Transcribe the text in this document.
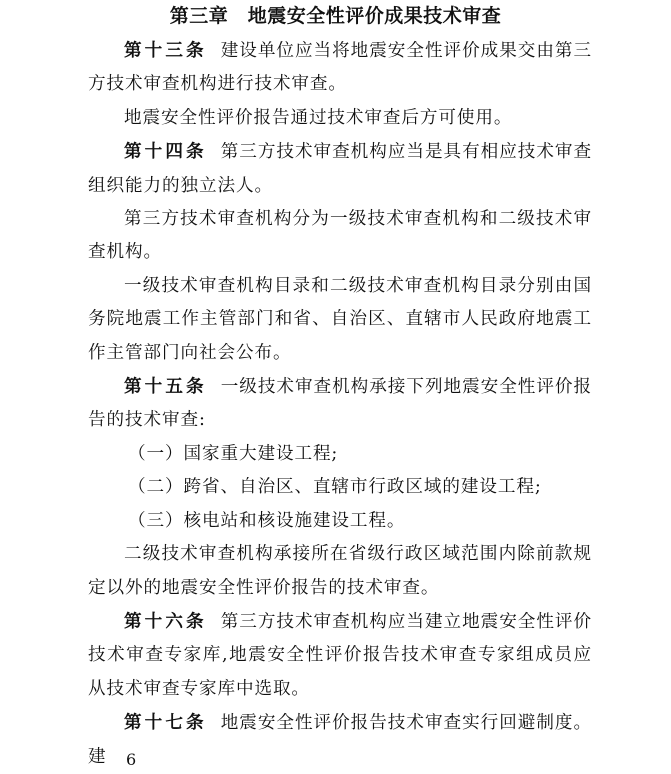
第三章　地震安全性评价成果技术审查

第十三条 建设单位应当将地震安全性评价成果交由第三方技术审查机构进行技术审查。

地震安全性评价报告通过技术审查后方可使用。

第十四条 第三方技术审查机构应当是具有相应技术审查组织能力的独立法人。

第三方技术审查机构分为一级技术审查机构和二级技术审查机构。

一级技术审查机构目录和二级技术审查机构目录分别由国务院地震工作主管部门和省、自治区、直辖市人民政府地震工作主管部门向社会公布。

第十五条 一级技术审查机构承接下列地震安全性评价报告的技术审查:

（一）国家重大建设工程;

（二）跨省、自治区、直辖市行政区域的建设工程;

（三）核电站和核设施建设工程。

二级技术审查机构承接所在省级行政区域范围内除前款规定以外的地震安全性评价报告的技术审查。

第十六条 第三方技术审查机构应当建立地震安全性评价技术审查专家库,地震安全性评价报告技术审查专家组成员应从技术审查专家库中选取。

第十七条 地震安全性评价报告技术审查实行回避制度。建	6
